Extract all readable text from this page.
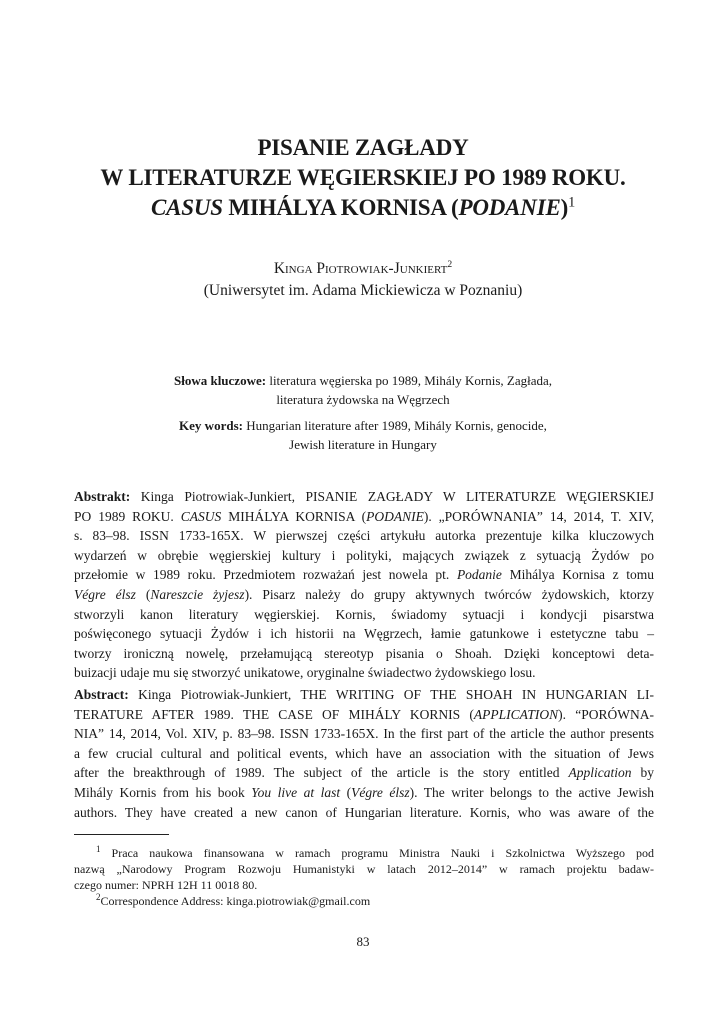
PISANIE ZAGŁADY
W LITERATURZE WĘGIERSKIEJ PO 1989 ROKU.
CASUS MIHÁLYA KORNISA (PODANIE)$^1$
Kinga Piotrowiak-Junkiert$^2$
(Uniwersytet im. Adama Mickiewicza w Poznaniu)
Słowa kluczowe: literatura węgierska po 1989, Mihály Kornis, Zagłada,
literatura żydowska na Węgrzech
Key words: Hungarian literature after 1989, Mihály Kornis, genocide,
Jewish literature in Hungary
Abstrakt: Kinga Piotrowiak-Junkiert, PISANIE ZAGŁADY W LITERATURZE WĘGIERSKIEJ
PO 1989 ROKU. CASUS MIHÁLYA KORNISA (PODANIE). „PORÓWNANIA” 14, 2014, T. XIV,
s. 83–98. ISSN 1733-165X. W pierwszej części artykułu autorka prezentuje kilka kluczowych
wydarzeń w obrębie węgierskiej kultury i polityki, mających związek z sytuacją Żydów po
przełomie w 1989 roku. Przedmiotem rozważań jest nowela pt. Podanie Mihálya Kornisa z tomu
Végre élsz (Nareszcie żyjesz). Pisarz należy do grupy aktywnych twórców żydowskich, ktorzy
stworzyli kanon literatury węgierskiej. Kornis, świadomy sytuacji i kondycji pisarstwa
poświęconego sytuacji Żydów i ich historii na Węgrzech, łamie gatunkowe i estetyczne tabu –
tworzy ironiczną nowelę, przełamującą stereotyp pisania o Shoah. Dzięki konceptowi deta-
buizacji udaje mu się stworzyć unikatowe, oryginalne świadectwo żydowskiego losu.
Abstract: Kinga Piotrowiak-Junkiert, THE WRITING OF THE SHOAH IN HUNGARIAN LI-
TERATURE AFTER 1989. THE CASE OF MIHÁLY KORNIS (APPLICATION). “PORÓWNA-
NIA” 14, 2014, Vol. XIV, p. 83–98. ISSN 1733-165X. In the first part of the article the author presents
a few crucial cultural and political events, which have an association with the situation of Jews
after the breakthrough of 1989. The subject of the article is the story entitled Application by
Mihály Kornis from his book You live at last (Végre élsz). The writer belongs to the active Jewish
authors. They have created a new canon of Hungarian literature. Kornis, who was aware of the
$^1$ Praca naukowa finansowana w ramach programu Ministra Nauki i Szkolnictwa Wyższego pod
nazwą „Narodowy Program Rozwoju Humanistyki w latach 2012–2014” w ramach projektu badaw-
czego numer: NPRH 12H 11 0018 80.
$^2$Correspondence Address: kinga.piotrowiak@gmail.com
83
